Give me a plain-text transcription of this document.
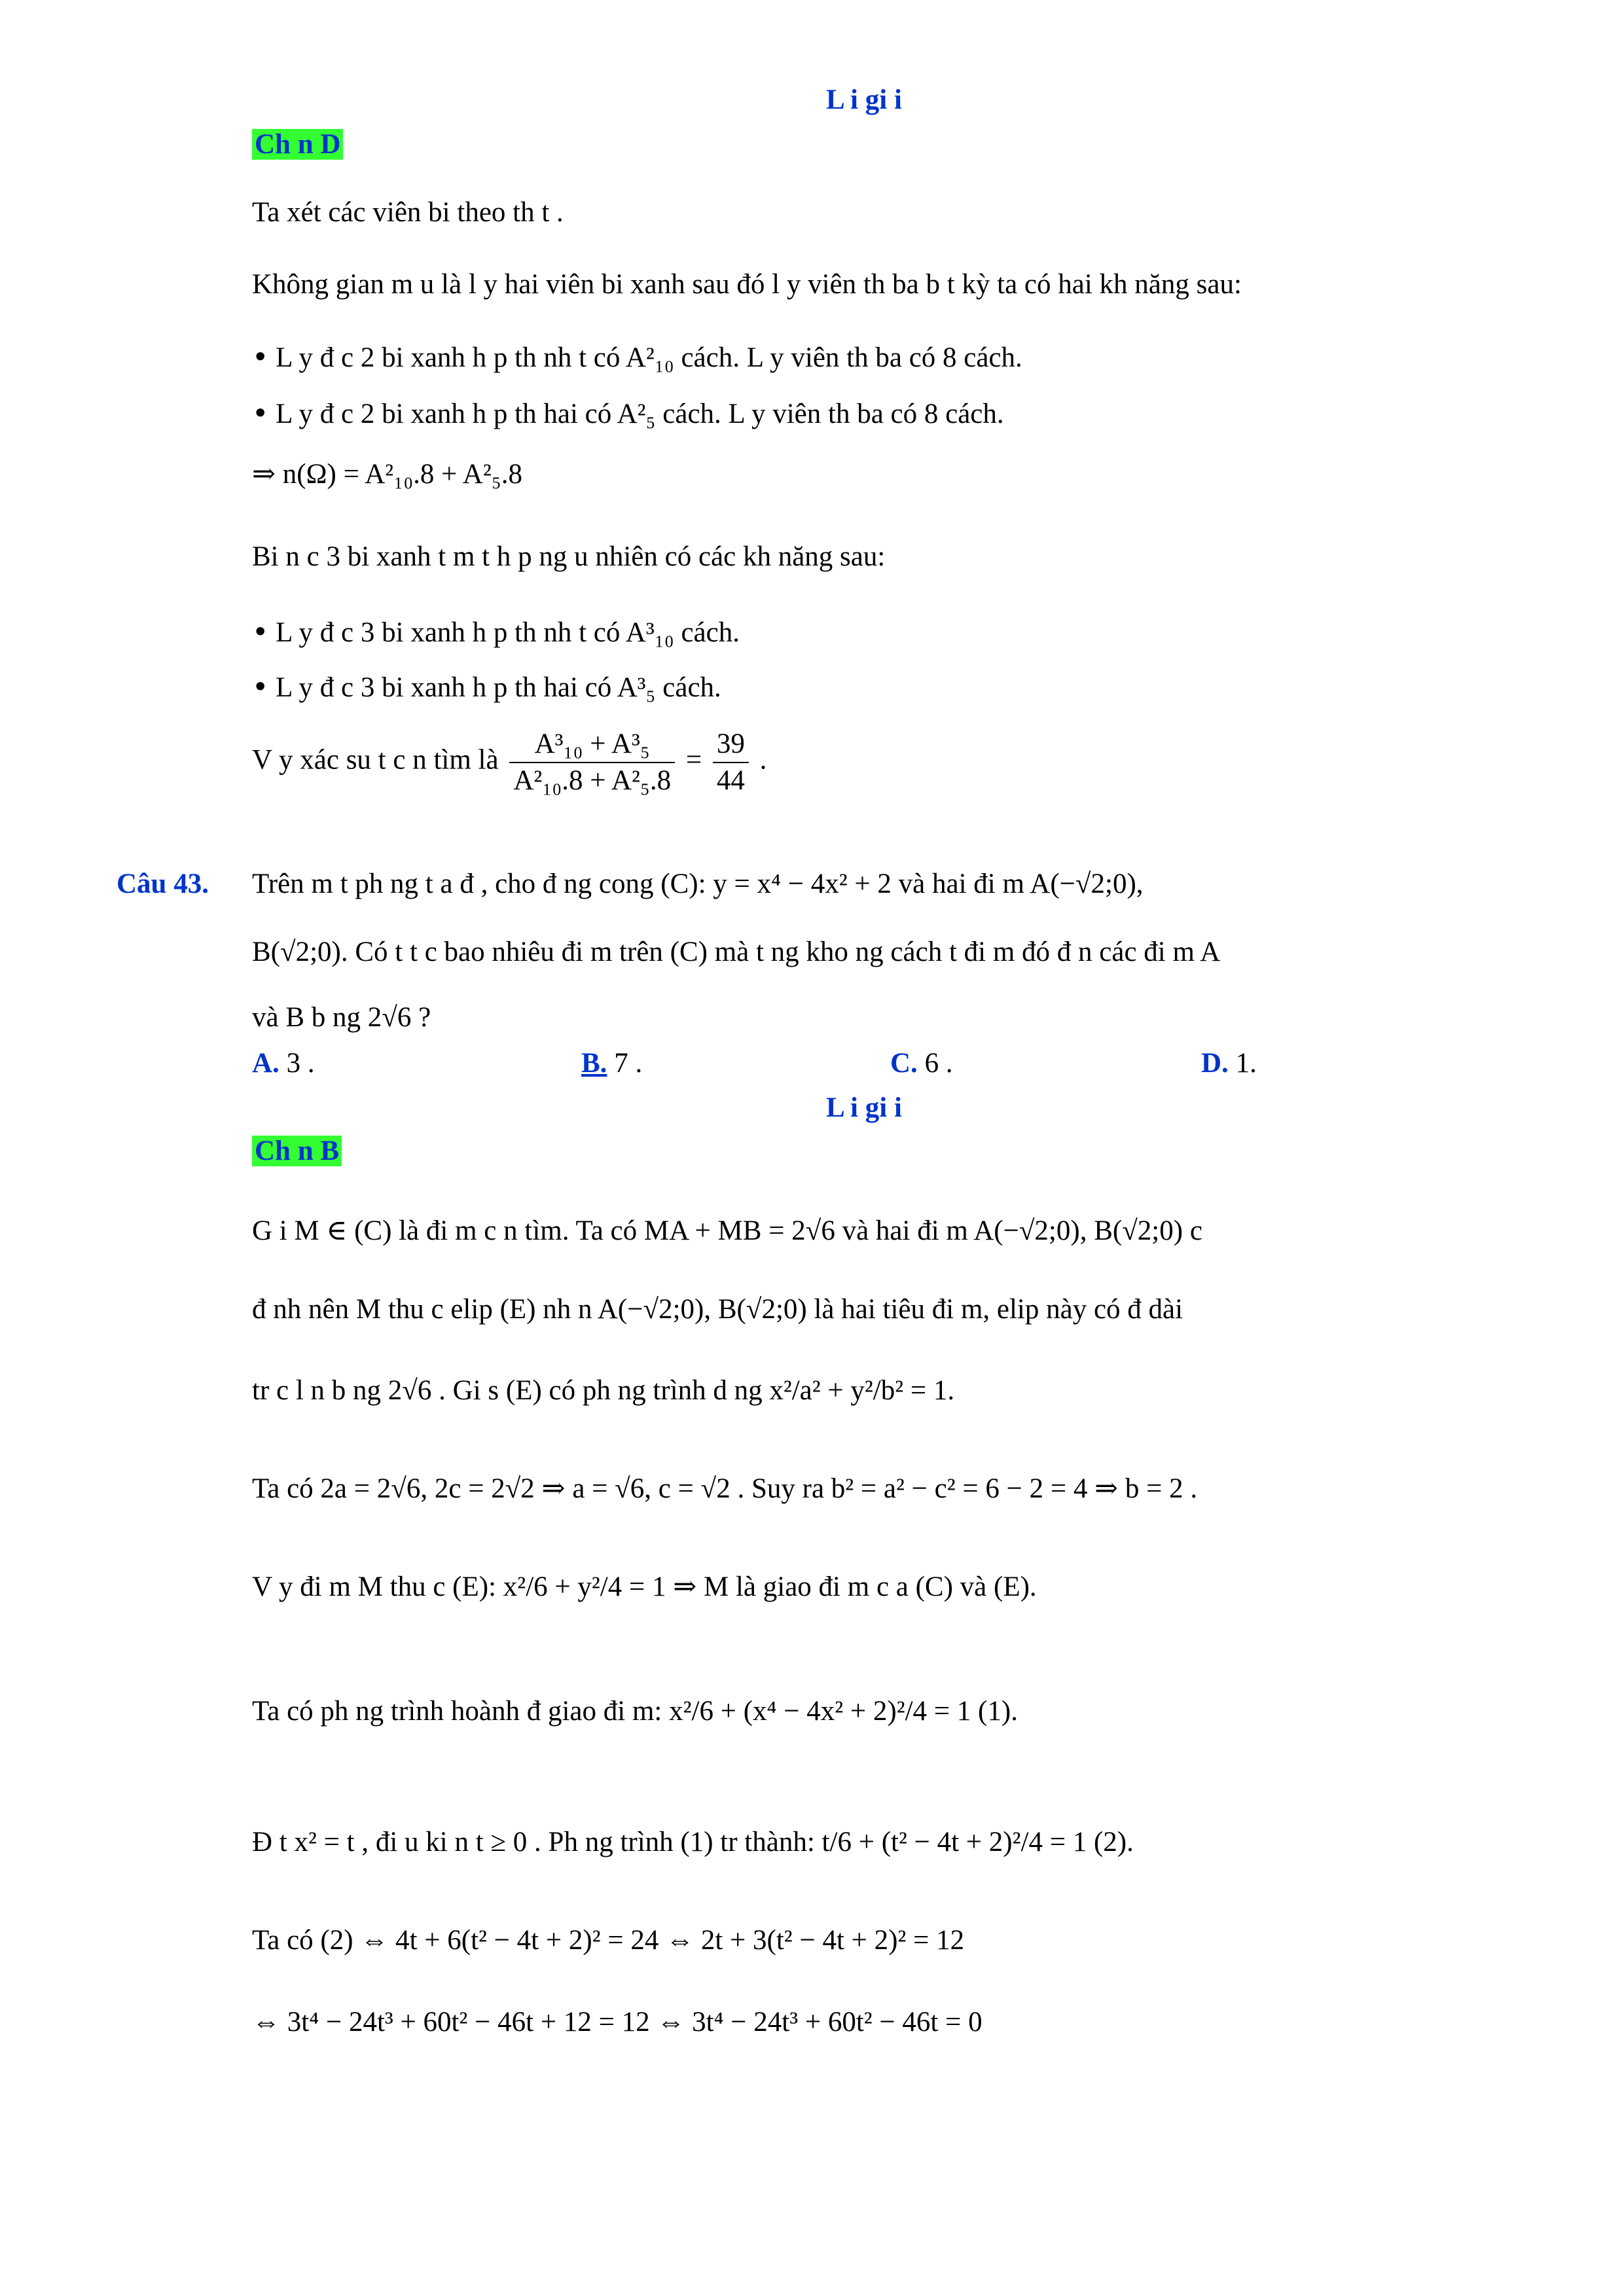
L i gi i
Ch n D
Ta xét các viên bi theo th t .
Không gian m u là l y hai viên bi xanh sau đó l y viên th ba b t kỳ ta có hai kh năng sau:
• L y đ c 2 bi xanh h p th nh t có A²₁₀ cách. L y viên th ba có 8 cách.
• L y đ c 2 bi xanh h p th hai có A²₅ cách. L y viên th ba có 8 cách.
⇒ n(Ω) = A²₁₀.8 + A²₅.8
Bi n c 3 bi xanh t m t h p ng u nhiên có các kh năng sau:
• L y đ c 3 bi xanh h p th nh t có A³₁₀ cách.
• L y đ c 3 bi xanh h p th hai có A³₅ cách.
V y xác su t c n tìm là $\frac{\text{A³₁₀ + A³₅}}{\text{A²₁₀.8 + A²₅.8}} = \frac{39}{44}$ .
Câu 43. Trên m t ph ng t a đ , cho đ ng cong (C): y = x⁴ − 4x² + 2 và hai đi m A(−√2;0),
B(√2;0). Có t t c bao nhiêu đi m trên (C) mà t ng kho ng cách t đi m đó đ n các đi m A
và B b ng 2√6 ?
A. 3 .	B. 7 .	C. 6 .	D. 1.
L i gi i
Ch n B
G i M ∈ (C) là đi m c n tìm. Ta có MA + MB = 2√6 và hai đi m A(−√2;0), B(√2;0) c
đ nh nên M thu c elip (E) nh n A(−√2;0), B(√2;0) là hai tiêu đi m, elip này có đ dài
tr c l n b ng 2√6 . Gi s (E) có ph ng trình d ng x²/a² + y²/b² = 1.
Ta có 2a = 2√6, 2c = 2√2 ⇒ a = √6, c = √2 . Suy ra b² = a² − c² = 6 − 2 = 4 ⇒ b = 2 .
V y đi m M thu c (E): x²/6 + y²/4 = 1 ⇒ M là giao đi m c a (C) và (E).
Ta có ph ng trình hoành đ giao đi m: x²/6 + (x⁴ − 4x² + 2)²/4 = 1 (1).
Đ t x² = t , đi u ki n t ≥ 0 . Ph ng trình (1) tr thành: t/6 + (t² − 4t + 2)²/4 = 1 (2).
Ta có (2) ⇔ 4t + 6(t² − 4t + 2)² = 24 ⇔ 2t + 3(t² − 4t + 2)² = 12
⇔ 3t⁴ − 24t³ + 60t² − 46t + 12 = 12 ⇔ 3t⁴ − 24t³ + 60t² − 46t = 0
